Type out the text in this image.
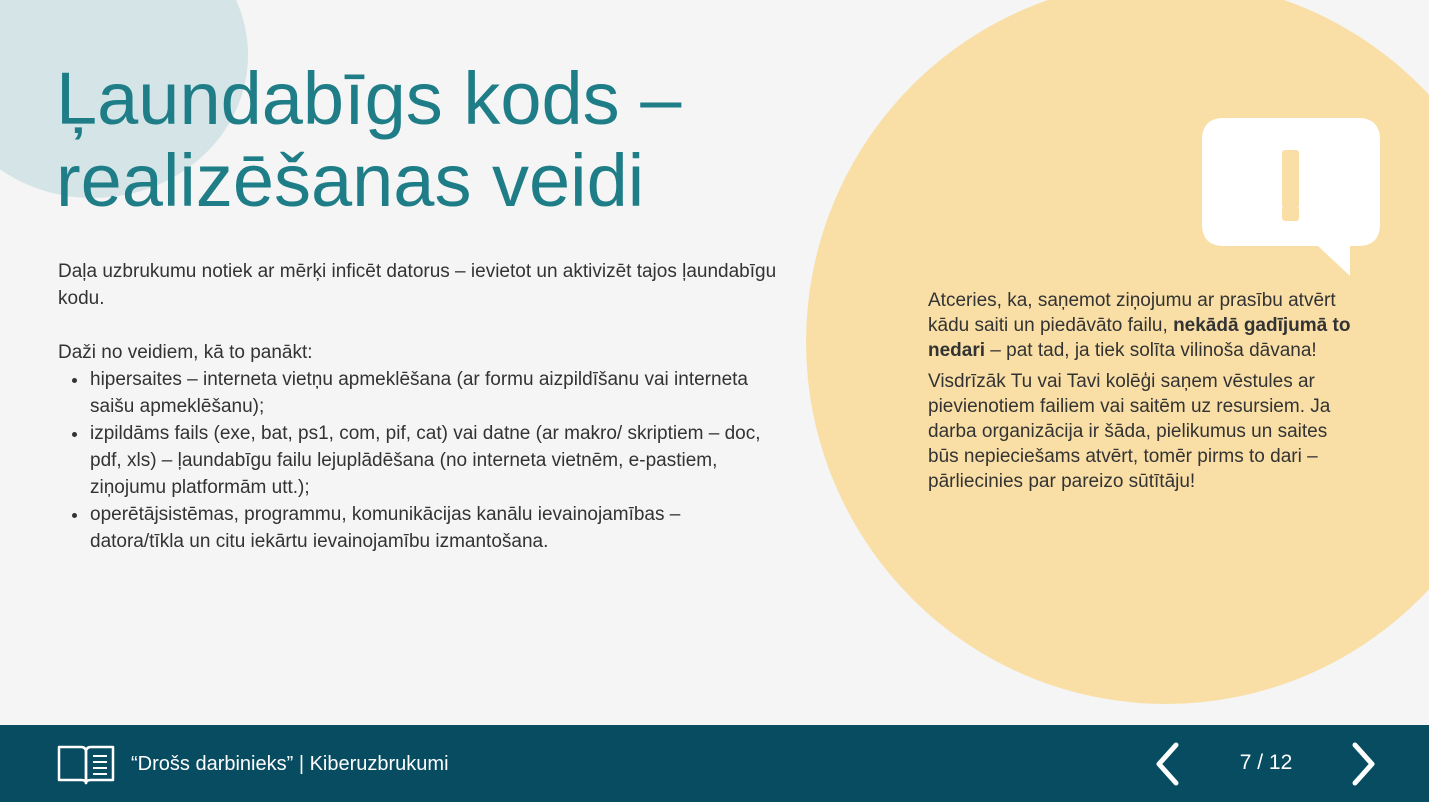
Ļaundabīgs kods –
realizēšanas veidi

Daļa uzbrukumu notiek ar mērķi inficēt datorus – ievietot un aktivizēt tajos ļaundabīgu kodu.

Daži no veidiem, kā to panākt:

• hipersaites – interneta vietņu apmeklēšana (ar formu aizpildīšanu vai interneta saišu apmeklēšanu);
• izpildāms fails (exe, bat, ps1, com, pif, cat) vai datne (ar makro/ skriptiem – doc, pdf, xls) – ļaundabīgu failu lejuplādēšana (no interneta vietnēm, e-pastiem, ziņojumu platformām utt.);
• operētājsistēmas, programmu, komunikācijas kanālu ievainojamības – datora/tīkla un citu iekārtu ievainojamību izmantošana.

Atceries, ka, saņemot ziņojumu ar prasību atvērt kādu saiti un piedāvāto failu, nekādā gadījumā to nedari – pat tad, ja tiek solīta vilinoša dāvana!

Visdrīzāk Tu vai Tavi kolēģi saņem vēstules ar pievienotiem failiem vai saitēm uz resursiem. Ja darba organizācija ir šāda, pielikumus un saites būs nepieciešams atvērt, tomēr pirms to dari – pārliecinies par pareizo sūtītāju!

“Drošs darbinieks” | Kiberuzbrukumi	7 / 12
